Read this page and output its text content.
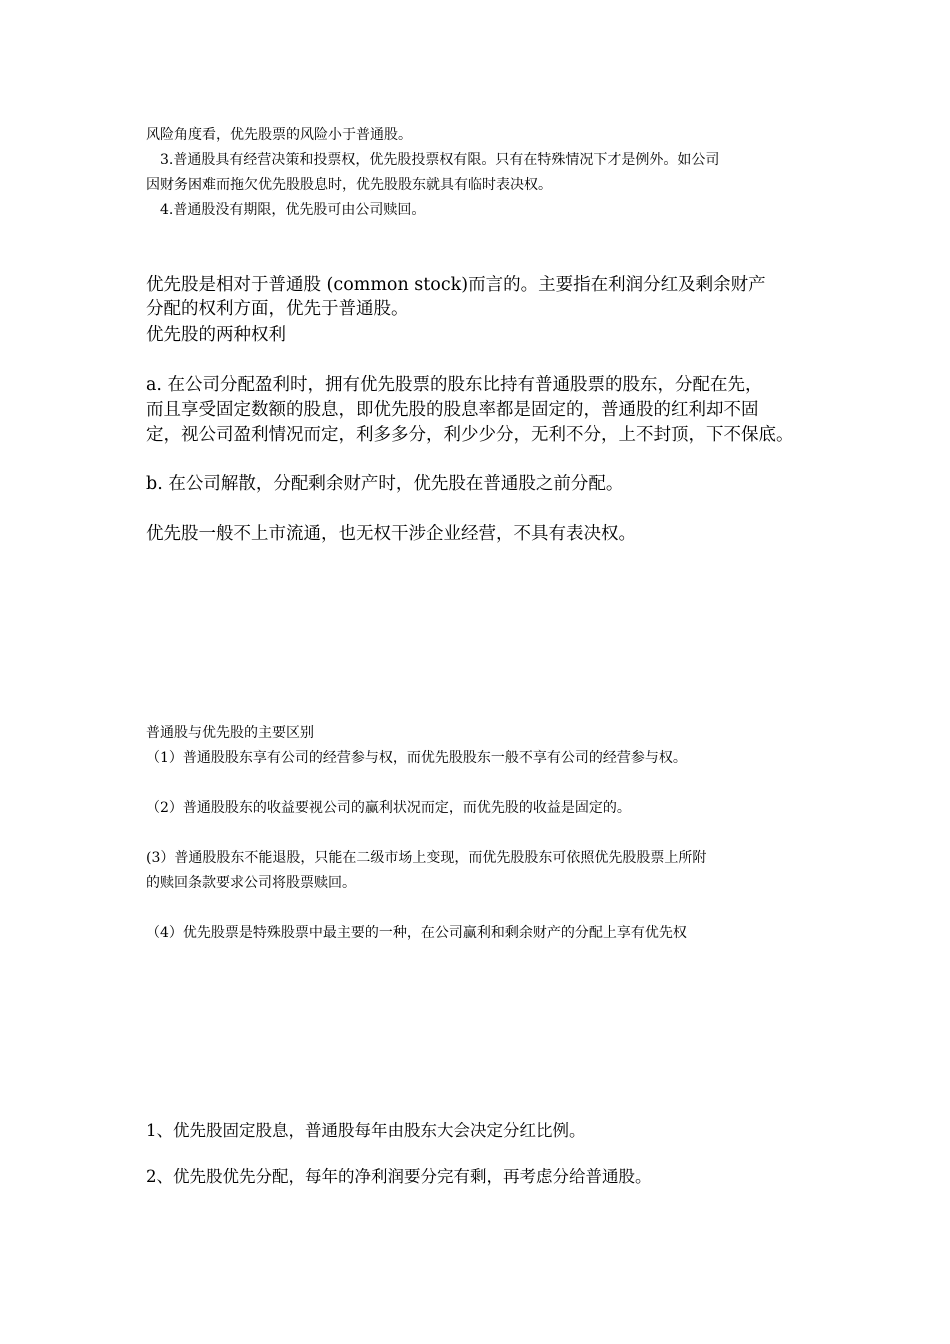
风险角度看，优先股票的风险小于普通股。
3.普通股具有经营决策和投票权，优先股投票权有限。只有在特殊情况下才是例外。如公司
因财务困难而拖欠优先股股息时，优先股股东就具有临时表决权。
4.普通股没有期限，优先股可由公司赎回。
优先股是相对于普通股 (common stock)而言的。主要指在利润分红及剩余财产
分配的权利方面，优先于普通股。
优先股的两种权利
a. 在公司分配盈利时，拥有优先股票的股东比持有普通股票的股东，分配在先，
而且享受固定数额的股息，即优先股的股息率都是固定的，普通股的红利却不固
定，视公司盈利情况而定，利多多分，利少少分，无利不分，上不封顶，下不保底。
b. 在公司解散，分配剩余财产时，优先股在普通股之前分配。
优先股一般不上市流通，也无权干涉企业经营，不具有表决权。
普通股与优先股的主要区别
（1）普通股股东享有公司的经营参与权，而优先股股东一般不享有公司的经营参与权。
（2）普通股股东的收益要视公司的赢利状况而定，而优先股的收益是固定的。
(3）普通股股东不能退股，只能在二级市场上变现，而优先股股东可依照优先股股票上所附
的赎回条款要求公司将股票赎回。
（4）优先股票是特殊股票中最主要的一种，在公司赢利和剩余财产的分配上享有优先权
1、优先股固定股息，普通股每年由股东大会决定分红比例。
2、优先股优先分配，每年的净利润要分完有剩，再考虑分给普通股。
